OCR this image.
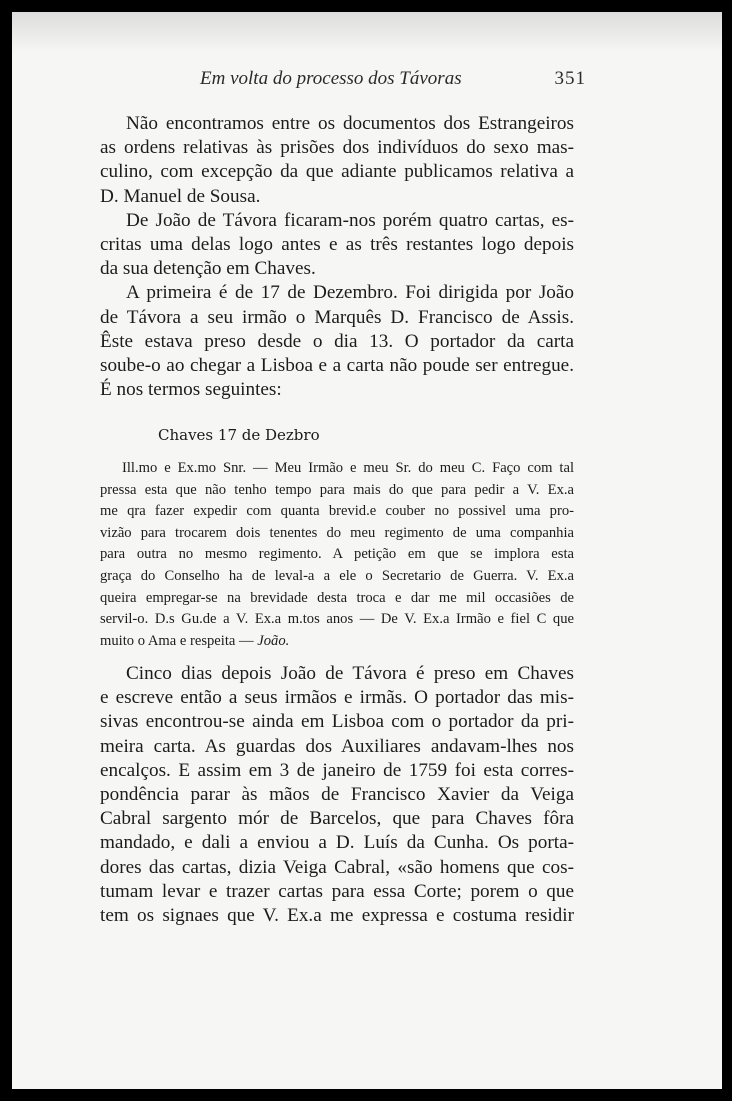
Em volta do processo dos Távoras	351
Não encontramos entre os documentos dos Estrangeiros
as ordens relativas às prisões dos indivíduos do sexo mas-
culino, com excepção da que adiante publicamos relativa a
D. Manuel de Sousa.
De João de Távora ficaram-nos porém quatro cartas, es-
critas uma delas logo antes e as três restantes logo depois
da sua detenção em Chaves.
A primeira é de 17 de Dezembro. Foi dirigida por João
de Távora a seu irmão o Marquês D. Francisco de Assis.
Êste estava preso desde o dia 13. O portador da carta
soube-o ao chegar a Lisboa e a carta não poude ser entregue.
É nos termos seguintes:
Chaves 17 de Dezbro
Ill.mo e Ex.mo Snr. — Meu Irmão e meu Sr. do meu C. Faço com tal
pressa esta que não tenho tempo para mais do que para pedir a V. Ex.a
me qra fazer expedir com quanta brevid.e couber no possivel uma pro-
vizão para trocarem dois tenentes do meu regimento de uma companhia
para outra no mesmo regimento. A petição em que se implora esta
graça do Conselho ha de leval-a a ele o Secretario de Guerra. V. Ex.a
queira empregar-se na brevidade desta troca e dar me mil occasiões de
servil-o. D.s Gu.de a V. Ex.a m.tos anos — De V. Ex.a Irmão e fiel C que
muito o Ama e respeita — João.
Cinco dias depois João de Távora é preso em Chaves
e escreve então a seus irmãos e irmãs. O portador das mis-
sivas encontrou-se ainda em Lisboa com o portador da pri-
meira carta. As guardas dos Auxiliares andavam-lhes nos
encalços. E assim em 3 de janeiro de 1759 foi esta corres-
pondência parar às mãos de Francisco Xavier da Veiga
Cabral sargento mór de Barcelos, que para Chaves fôra
mandado, e dali a enviou a D. Luís da Cunha. Os porta-
dores das cartas, dizia Veiga Cabral, «são homens que cos-
tumam levar e trazer cartas para essa Corte; porem o que
tem os signaes que V. Ex.a me expressa e costuma residir
